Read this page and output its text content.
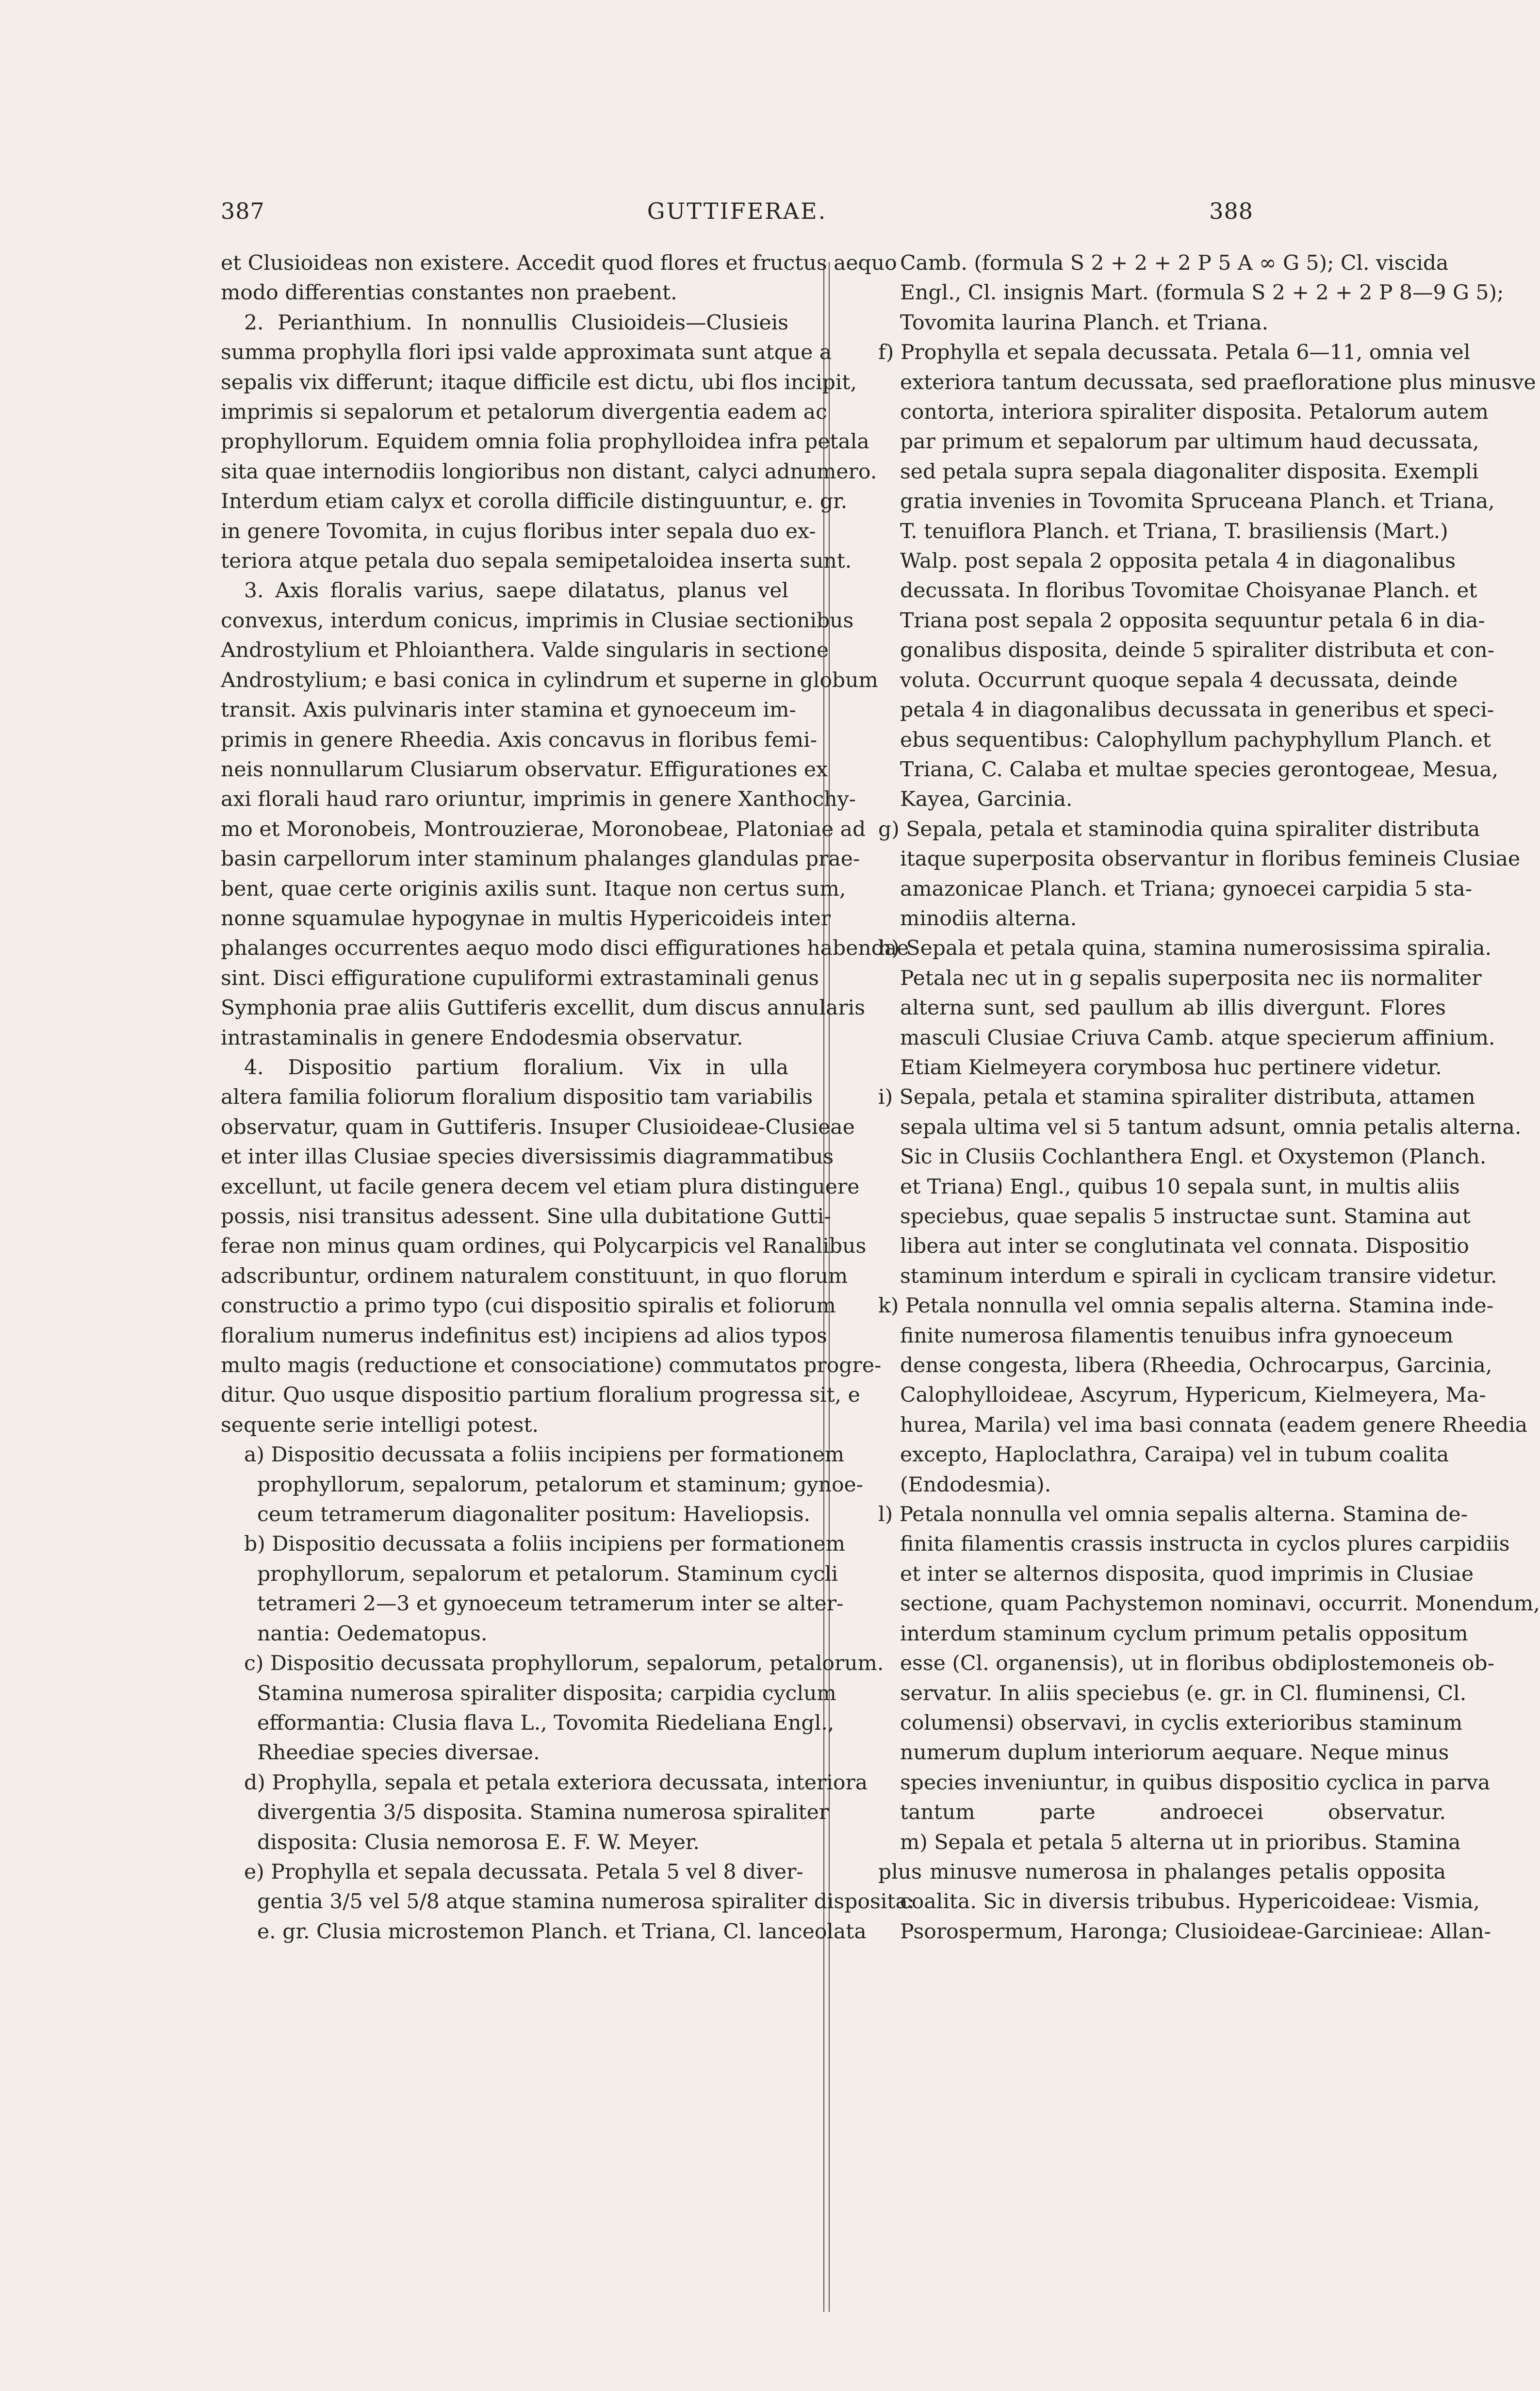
GUTTIFERAE.
387	388
et Clusioideas non existere. Accedit quod flores et fructus aequo
modo differentias constantes non praebent.
2. Perianthium. In nonnullis Clusioideis—Clusieis
summa prophylla flori ipsi valde approximata sunt atque a
sepalis vix differunt; itaque difficile est dictu, ubi flos incipit,
imprimis si sepalorum et petalorum divergentia eadem ac
prophyllorum. Equidem omnia folia prophylloidea infra petala
sita quae internodiis longioribus non distant, calyci adnumero.
Interdum etiam calyx et corolla difficile distinguuntur, e. gr.
in genere Tovomita, in cujus floribus inter sepala duo ex-
teriora atque petala duo sepala semipetaloidea inserta sunt.
3. Axis floralis varius, saepe dilatatus, planus vel
convexus, interdum conicus, imprimis in Clusiae sectionibus
Androstylium et Phloianthera. Valde singularis in sectione
Androstylium; e basi conica in cylindrum et superne in globum
transit. Axis pulvinaris inter stamina et gynoeceum im-
primis in genere Rheedia. Axis concavus in floribus femi-
neis nonnullarum Clusiarum observatur. Effigurationes ex
axi florali haud raro oriuntur, imprimis in genere Xanthochy-
mo et Moronobeis, Montrouzierae, Moronobeae, Platoniae ad
basin carpellorum inter staminum phalanges glandulas prae-
bent, quae certe originis axilis sunt. Itaque non certus sum,
nonne squamulae hypogynae in multis Hypericoideis inter
phalanges occurrentes aequo modo disci effigurationes habendae
sint. Disci effiguratione cupuliformi extrastaminali genus
Symphonia prae aliis Guttiferis excellit, dum discus annularis
intrastaminalis in genere Endodesmia observatur.
4. Dispositio partium floralium. Vix in ulla
altera familia foliorum floralium dispositio tam variabilis
observatur, quam in Guttiferis. Insuper Clusioideae-Clusieae
et inter illas Clusiae species diversissimis diagrammatibus
excellunt, ut facile genera decem vel etiam plura distinguere
possis, nisi transitus adessent. Sine ulla dubitatione Gutti-
ferae non minus quam ordines, qui Polycarpicis vel Ranalibus
adscribuntur, ordinem naturalem constituunt, in quo florum
constructio a primo typo (cui dispositio spiralis et foliorum
floralium numerus indefinitus est) incipiens ad alios typos
multo magis (reductione et consociatione) commutatos progre-
ditur. Quo usque dispositio partium floralium progressa sit, e
sequente serie intelligi potest.
a) Dispositio decussata a foliis incipiens per formationem
prophyllorum, sepalorum, petalorum et staminum; gynoe-
ceum tetramerum diagonaliter positum: Haveliopsis.
b) Dispositio decussata a foliis incipiens per formationem
prophyllorum, sepalorum et petalorum. Staminum cycli
tetrameri 2—3 et gynoeceum tetramerum inter se alter-
nantia: Oedematopus.
c) Dispositio decussata prophyllorum, sepalorum, petalorum.
Stamina numerosa spiraliter disposita; carpidia cyclum
efformantia: Clusia flava L., Tovomita Riedeliana Engl.,
Rheediae species diversae.
d) Prophylla, sepala et petala exteriora decussata, interiora
divergentia 3/5 disposita. Stamina numerosa spiraliter
disposita: Clusia nemorosa E. F. W. Meyer.
e) Prophylla et sepala decussata. Petala 5 vel 8 diver-
gentia 3/5 vel 5/8 atque stamina numerosa spiraliter disposita:
e. gr. Clusia microstemon Planch. et Triana, Cl. lanceolata
Camb. (formula S 2 + 2 + 2 P 5 A ∞ G 5); Cl. viscida
Engl., Cl. insignis Mart. (formula S 2 + 2 + 2 P 8—9 G 5);
Tovomita laurina Planch. et Triana.
f) Prophylla et sepala decussata. Petala 6—11, omnia vel
exteriora tantum decussata, sed praefloratione plus minusve
contorta, interiora spiraliter disposita. Petalorum autem
par primum et sepalorum par ultimum haud decussata,
sed petala supra sepala diagonaliter disposita. Exempli
gratia invenies in Tovomita Spruceana Planch. et Triana,
T. tenuiflora Planch. et Triana, T. brasiliensis (Mart.)
Walp. post sepala 2 opposita petala 4 in diagonalibus
decussata. In floribus Tovomitae Choisyanae Planch. et
Triana post sepala 2 opposita sequuntur petala 6 in dia-
gonalibus disposita, deinde 5 spiraliter distributa et con-
voluta. Occurrunt quoque sepala 4 decussata, deinde
petala 4 in diagonalibus decussata in generibus et speci-
ebus sequentibus: Calophyllum pachyphyllum Planch. et
Triana, C. Calaba et multae species gerontogeae, Mesua,
Kayea, Garcinia.
g) Sepala, petala et staminodia quina spiraliter distributa
itaque superposita observantur in floribus femineis Clusiae
amazonicae Planch. et Triana; gynoecei carpidia 5 sta-
minodiis alterna.
h) Sepala et petala quina, stamina numerosissima spiralia.
Petala nec ut in g sepalis superposita nec iis normaliter
alterna sunt, sed paullum ab illis divergunt. Flores
masculi Clusiae Criuva Camb. atque specierum affinium.
Etiam Kielmeyera corymbosa huc pertinere videtur.
i) Sepala, petala et stamina spiraliter distributa, attamen
sepala ultima vel si 5 tantum adsunt, omnia petalis alterna.
Sic in Clusiis Cochlanthera Engl. et Oxystemon (Planch.
et Triana) Engl., quibus 10 sepala sunt, in multis aliis
speciebus, quae sepalis 5 instructae sunt. Stamina aut
libera aut inter se conglutinata vel connata. Dispositio
staminum interdum e spirali in cyclicam transire videtur.
k) Petala nonnulla vel omnia sepalis alterna. Stamina inde-
finite numerosa filamentis tenuibus infra gynoeceum
dense congesta, libera (Rheedia, Ochrocarpus, Garcinia,
Calophylloideae, Ascyrum, Hypericum, Kielmeyera, Ma-
hurea, Marila) vel ima basi connata (eadem genere Rheedia
excepto, Haploclathra, Caraipa) vel in tubum coalita
(Endodesmia).
l) Petala nonnulla vel omnia sepalis alterna. Stamina de-
finita filamentis crassis instructa in cyclos plures carpidiis
et inter se alternos disposita, quod imprimis in Clusiae
sectione, quam Pachystemon nominavi, occurrit. Monendum,
interdum staminum cyclum primum petalis oppositum
esse (Cl. organensis), ut in floribus obdiplostemoneis ob-
servatur. In aliis speciebus (e. gr. in Cl. fluminensi, Cl.
columensi) observavi, in cyclis exterioribus staminum
numerum duplum interiorum aequare. Neque minus
species inveniuntur, in quibus dispositio cyclica in parva
tantum parte androecei observatur.
m) Sepala et petala 5 alterna ut in prioribus. Stamina
plus minusve numerosa in phalanges petalis opposita
coalita. Sic in diversis tribubus. Hypericoideae: Vismia,
Psorospermum, Haronga; Clusioideae-Garcinieae: Allan-
